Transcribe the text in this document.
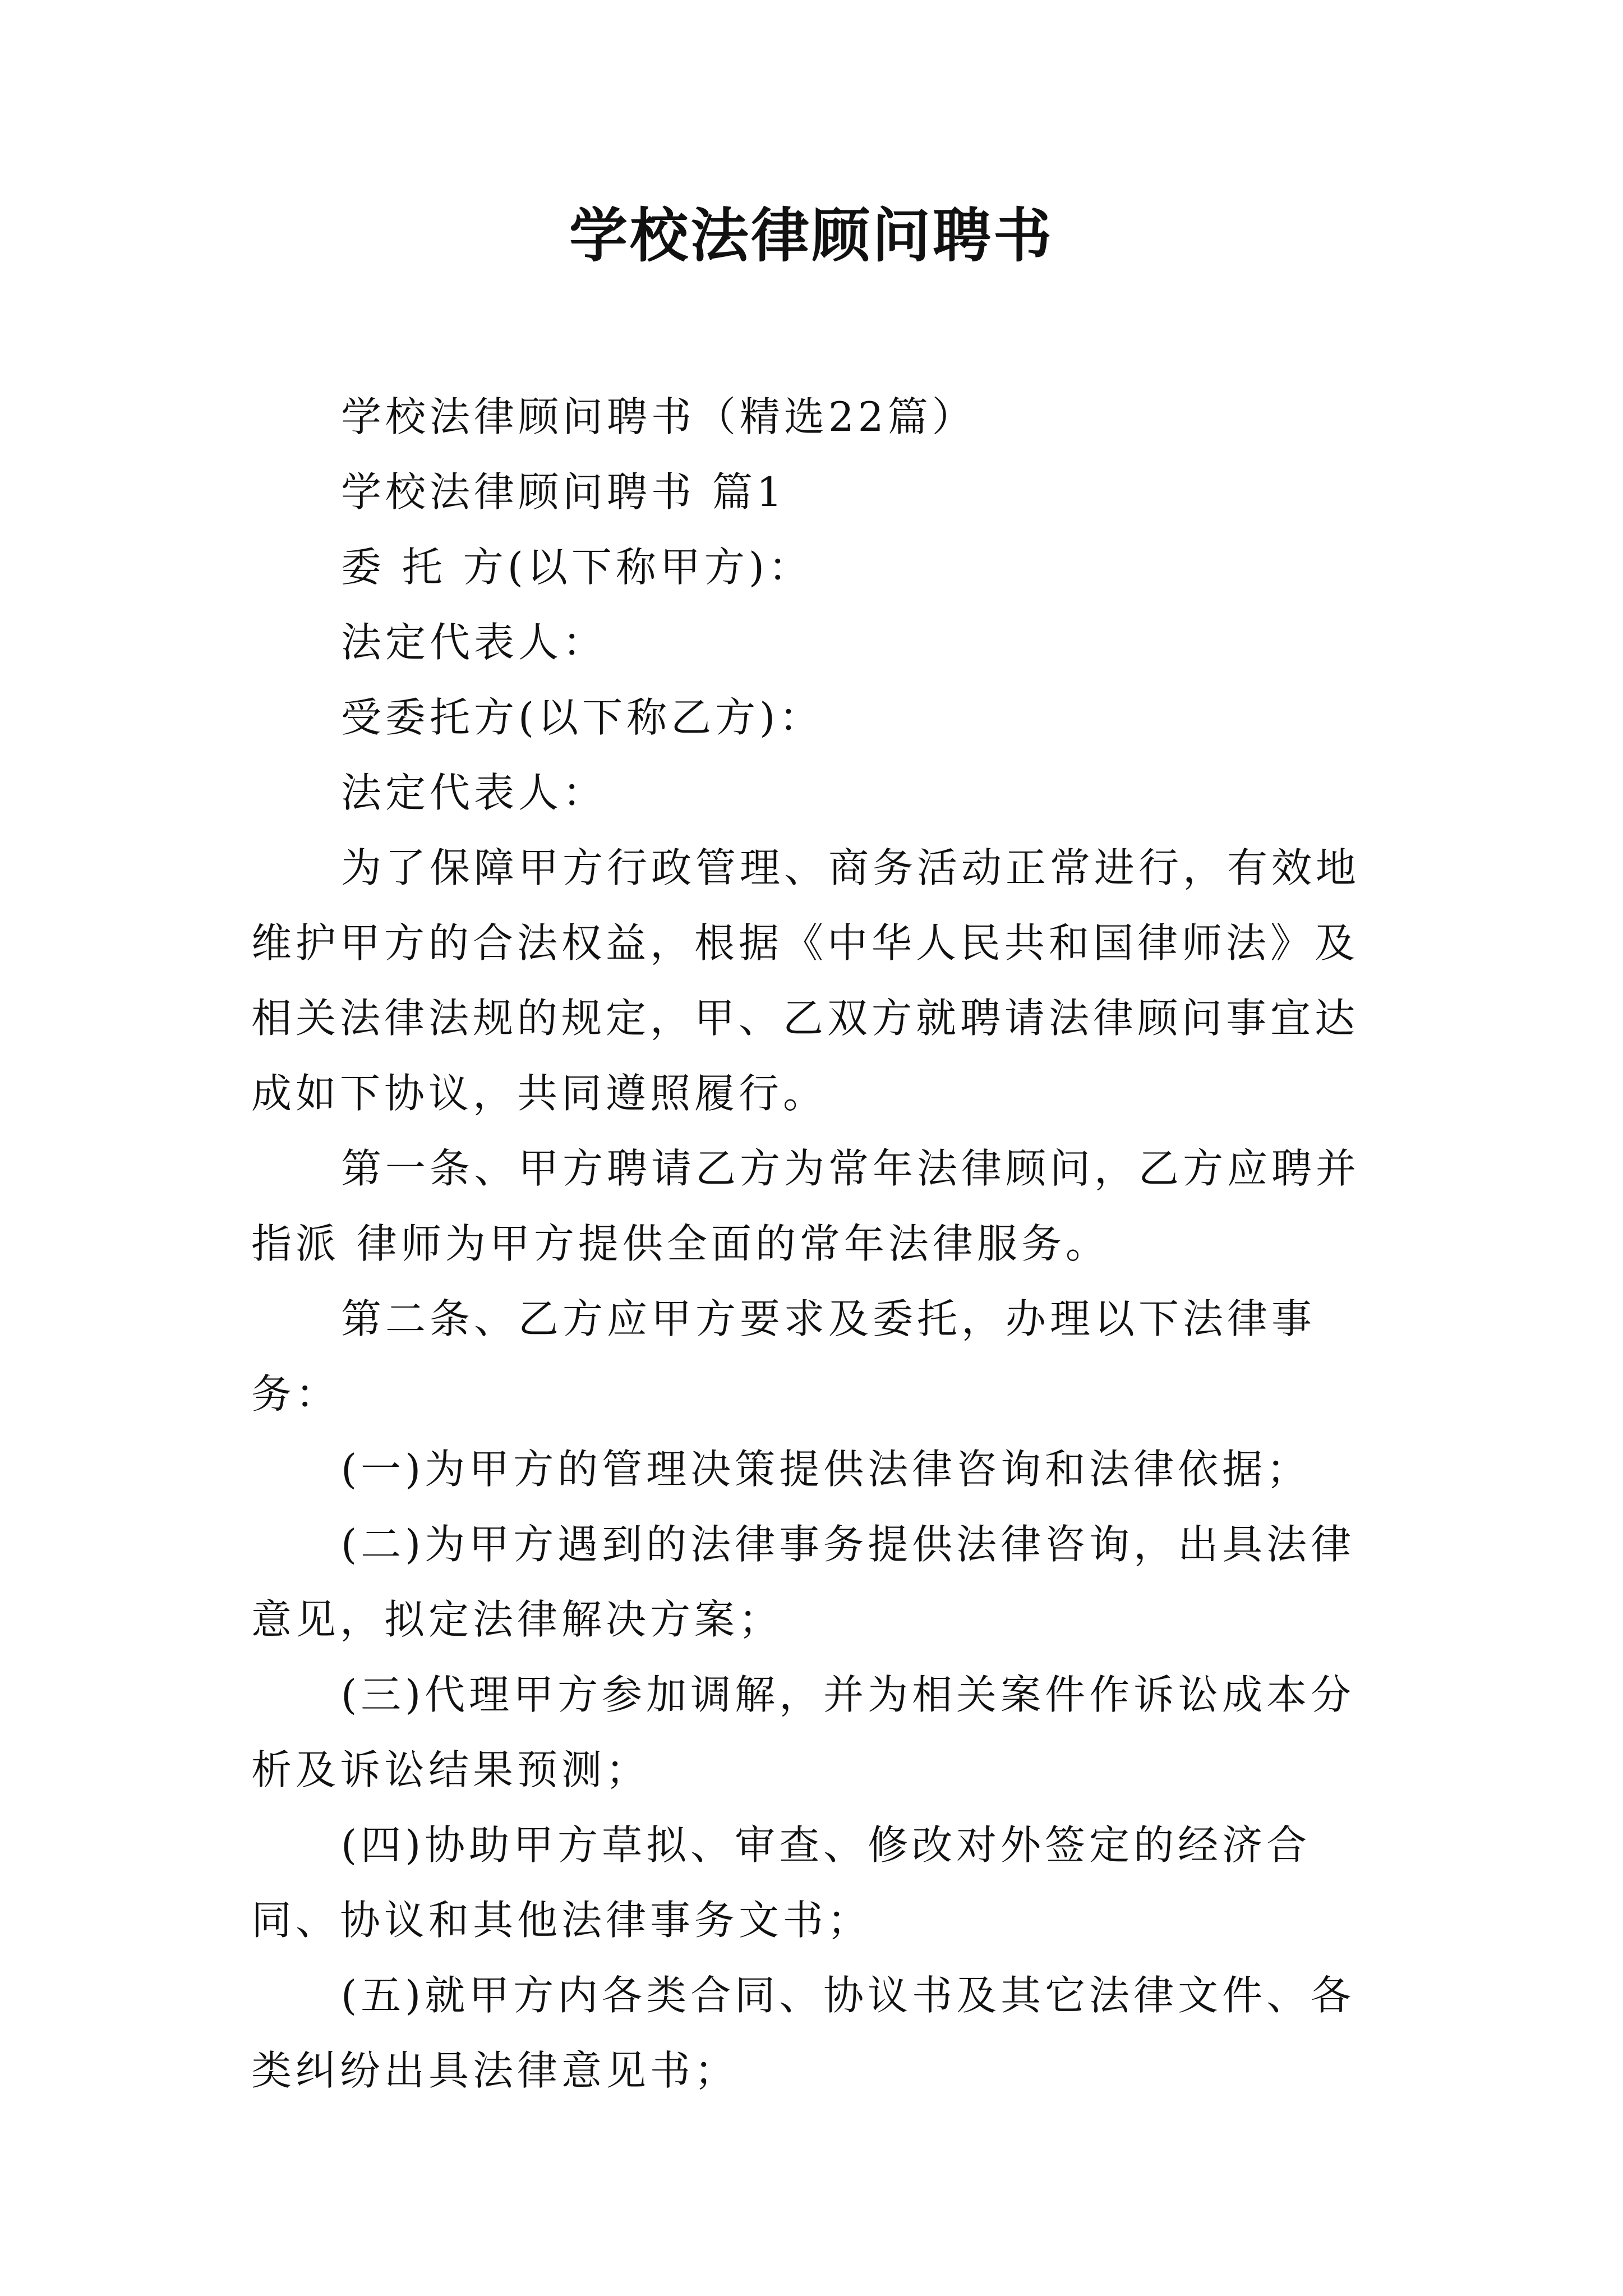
学校法律顾问聘书

学校法律顾问聘书（精选22篇）

学校法律顾问聘书 篇1

委 托 方(以下称甲方)：

法定代表人：

受委托方(以下称乙方)：

法定代表人：

为了保障甲方行政管理、商务活动正常进行，有效地维护甲方的合法权益，根据《中华人民共和国律师法》及相关法律法规的规定，甲、乙双方就聘请法律顾问事宜达成如下协议，共同遵照履行。

第一条、甲方聘请乙方为常年法律顾问，乙方应聘并指派 律师为甲方提供全面的常年法律服务。

第二条、乙方应甲方要求及委托，办理以下法律事务：

(一)为甲方的管理决策提供法律咨询和法律依据；

(二)为甲方遇到的法律事务提供法律咨询，出具法律意见，拟定法律解决方案；

(三)代理甲方参加调解，并为相关案件作诉讼成本分析及诉讼结果预测；

(四)协助甲方草拟、审查、修改对外签定的经济合同、协议和其他法律事务文书；

(五)就甲方内各类合同、协议书及其它法律文件、各类纠纷出具法律意见书；
